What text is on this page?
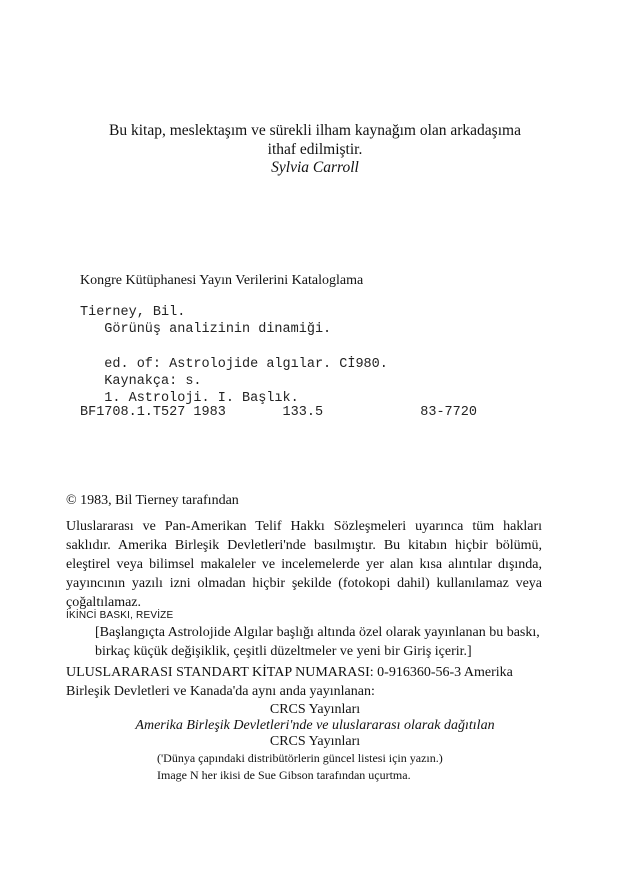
Bu kitap, meslektaşım ve sürekli ilham kaynağım olan arkadaşıma
ithaf edilmiştir.
Sylvia Carroll
Kongre Kütüphanesi Yayın Verilerini Kataloglama
Tierney, Bil.
Görünüş analizinin dinamiği.
ed. of: Astrolojide algılar. Cİ980.
Kaynakça: s.
1. Astroloji. I. Başlık.
BF1708.1.T527 1983       133.5            83-7720
© 1983, Bil Tierney tarafından
Uluslararası ve Pan-Amerikan Telif Hakkı Sözleşmeleri uyarınca tüm hakları saklıdır. Amerika Birleşik Devletleri'nde basılmıştır. Bu kitabın hiçbir bölümü, eleştirel veya bilimsel makaleler ve incelemelerde yer alan kısa alıntılar dışında, yayıncının yazılı izni olmadan hiçbir şekilde (fotokopi dahil) kullanılamaz veya çoğaltılamaz.
İKİNCİ BASKI, REVİZE
[Başlangıçta Astrolojide Algılar başlığı altında özel olarak yayınlanan bu baskı, birkaç küçük değişiklik, çeşitli düzeltmeler ve yeni bir Giriş içerir.]
ULUSLARARASI STANDART KİTAP NUMARASI: 0-916360-56-3 Amerika Birleşik Devletleri ve Kanada'da aynı anda yayınlanan:
CRCS Yayınları
Amerika Birleşik Devletleri'nde ve uluslararası olarak dağıtılan
CRCS Yayınları
('Dünya çapındaki distribütörlerin güncel listesi için yazın.)
Image N her ikisi de Sue Gibson tarafından uçurtma.
